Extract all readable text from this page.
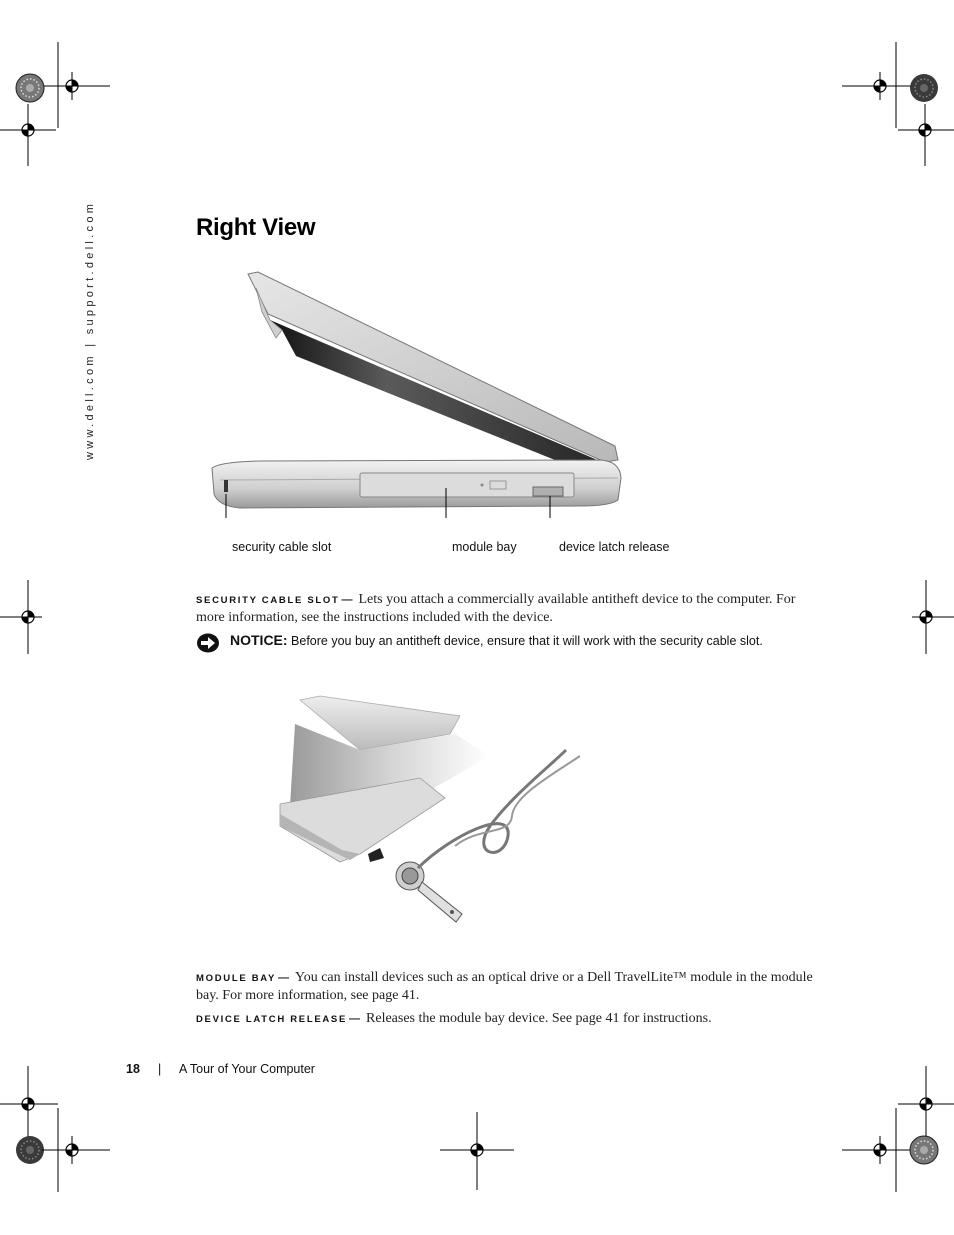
www.dell.com | support.dell.com	Right View
security cable slot	module bay	device latch release
SECURITY CABLE SLOT — Lets you attach a commercially available antitheft device to the computer. For more information, see the instructions included with the device.
NOTICE: Before you buy an antitheft device, ensure that it will work with the security cable slot.
MODULE BAY — You can install devices such as an optical drive or a Dell TravelLite™ module in the module bay. For more information, see page 41.
DEVICE LATCH RELEASE — Releases the module bay device. See page 41 for instructions.
18 | A Tour of Your Computer
